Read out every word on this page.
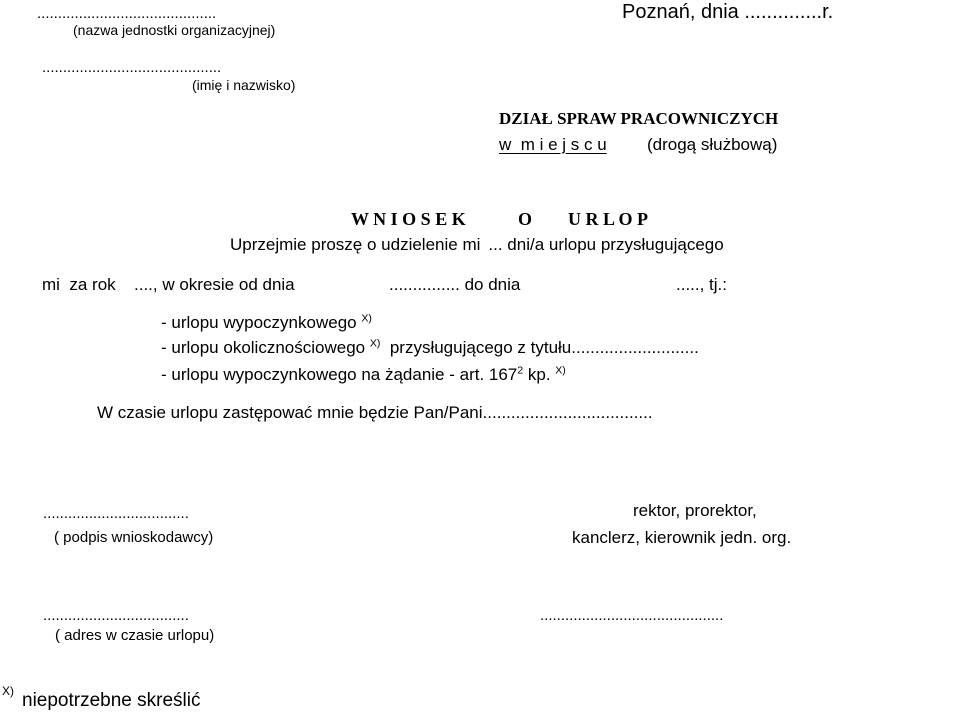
...........................................
(nazwa jednostki organizacyjnej)
Poznań, dnia ..............r.
...........................................
(imię i nazwisko)
DZIAŁ SPRAW PRACOWNICZYCH
w  m i e j s c u (drogą służbową)
W N I O S E K	O U R L O P
Uprzejmie proszę o udzielenie mi ... dni/a urlopu przysługującego
mi  za rok ...., w okresie od dnia	............... do dnia	....., tj.:
- urlopu wypoczynkowego $^{X)}$
- urlopu okolicznościowego $^{X)}$ przysługującego z tytułu...........................
- urlopu wypoczynkowego na żądanie - art. $167^2$ kp. $^{X)}$
W czasie urlopu zastępować mnie będzie Pan/Pani....................................
...................................
( podpis wnioskodawcy)
rektor, prorektor,
kanclerz, kierownik jedn. org.
...................................
( adres w czasie urlopu)
............................................
X) niepotrzebne skreślić
